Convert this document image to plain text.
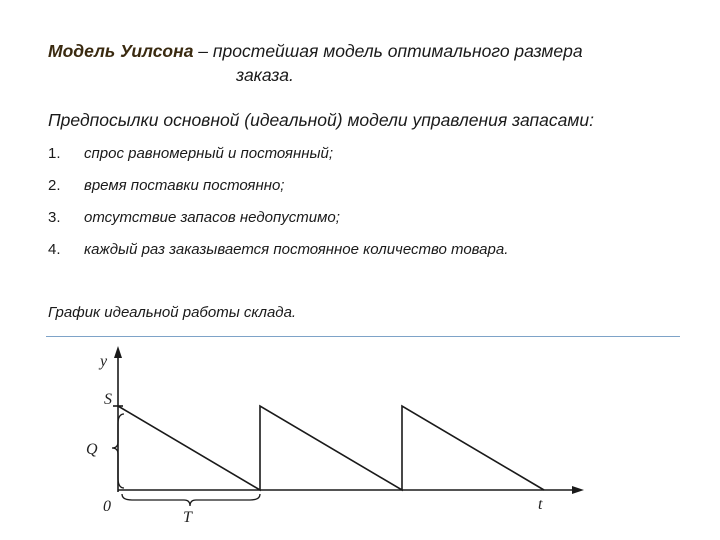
Модель Уилсона – простейшая модель оптимального размера
заказа.
Предпосылки основной (идеальной) модели управления запасами:
1. спрос равномерный и постоянный;
2. время поставки постоянно;
3. отсутствие запасов недопустимо;
4. каждый раз заказывается постоянное количество товара.
График идеальной работы склада.
y
S
Q
0	t
T
